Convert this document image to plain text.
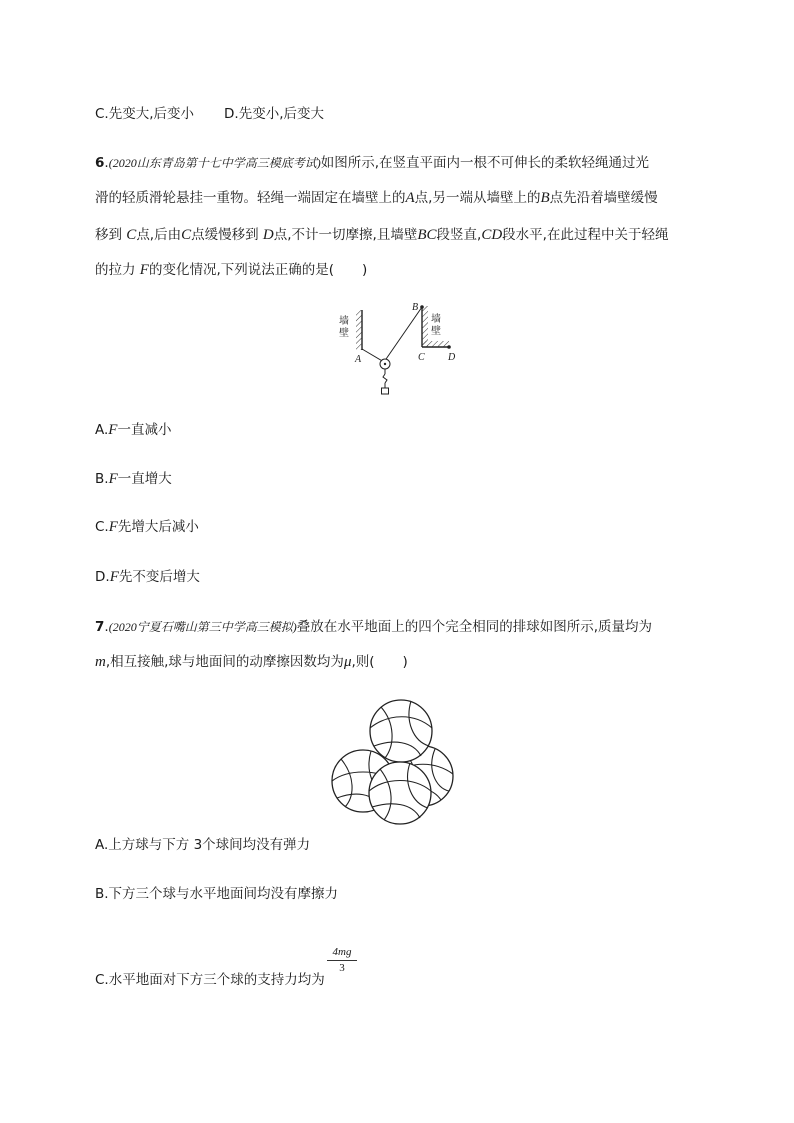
C.先变大,后变小 D.先变小,后变大
6.(2020山东青岛第十七中学高三模底考试)如图所示,在竖直平面内一根不可伸长的柔软轻绳通过光
滑的轻质滑轮悬挂一重物。轻绳一端固定在墙壁上的A点,另一端从墙壁上的B点先沿着墙壁缓慢
移到 C点,后由C点缓慢移到 D点,不计一切摩擦,且墙壁BC段竖直,CD段水平,在此过程中关于轻绳
的拉力 F的变化情况,下列说法正确的是( )
墙壁
墙壁
A
B
C D
A.F一直减小
B.F一直增大
C.F先增大后减小
D.F先不变后增大
7.(2020宁夏石嘴山第三中学高三模拟)叠放在水平地面上的四个完全相同的排球如图所示,质量均为
m,相互接触,球与地面间的动摩擦因数均为μ,则( )
A.上方球与下方 3个球间均没有弹力
B.下方三个球与水平地面间均没有摩擦力
C.水平地面对下方三个球的支持力均为
4mg
3
